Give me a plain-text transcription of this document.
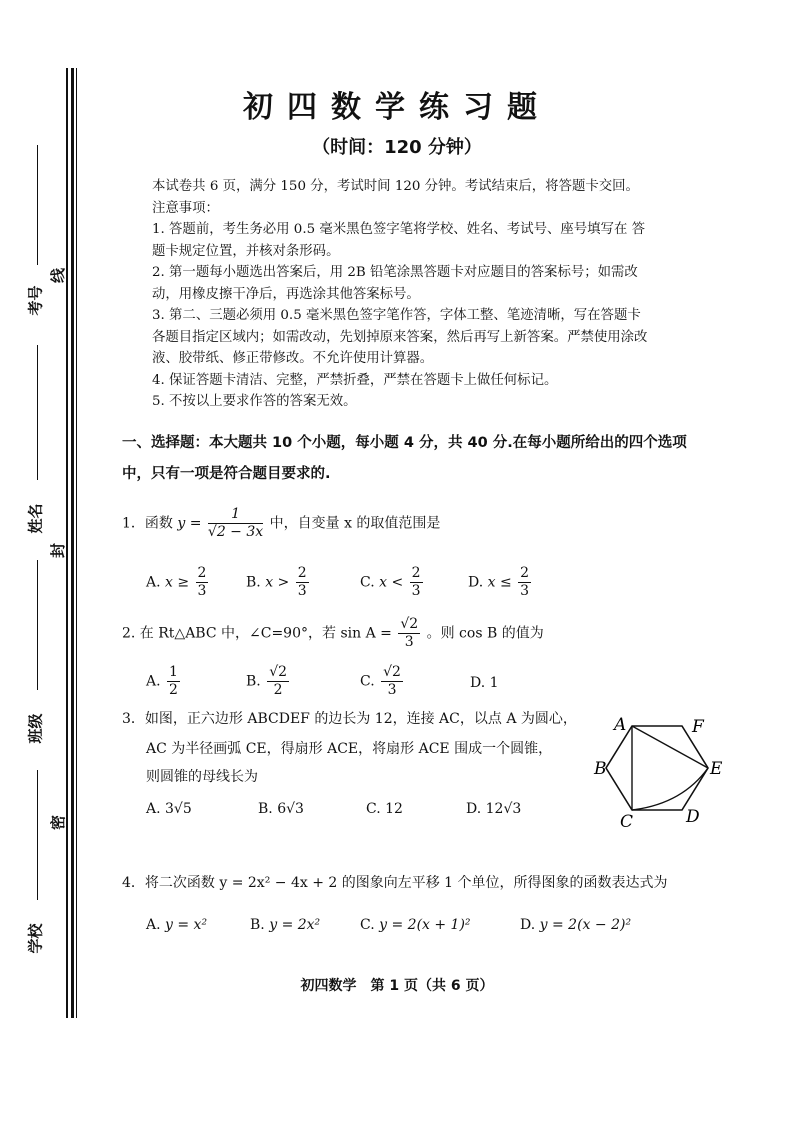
考号
线
姓名
封
班级
密
学校
初四数学练习题
（时间：120 分钟）
本试卷共 6 页，满分 150 分，考试时间 120 分钟。考试结束后，将答题卡交回。
注意事项：
1. 答题前，考生务必用 0.5 毫米黑色签字笔将学校、姓名、考试号、座号填写在 答
题卡规定位置，并核对条形码。
2. 第一题每小题选出答案后，用 2B 铅笔涂黑答题卡对应题目的答案标号；如需改
动，用橡皮擦干净后，再选涂其他答案标号。
3. 第二、三题必须用 0.5 毫米黑色签字笔作答，字体工整、笔迹清晰，写在答题卡
各题目指定区域内；如需改动，先划掉原来答案，然后再写上新答案。严禁使用涂改
液、胶带纸、修正带修改。不允许使用计算器。
4. 保证答题卡清洁、完整，严禁折叠，严禁在答题卡上做任何标记。
5. 不按以上要求作答的答案无效。
一、选择题：本大题共 10 个小题，每小题 4 分，共 40 分.在每小题所给出的四个选项
中，只有一项是符合题目要求的.
1．函数 $y = \frac{1}{√2 - 3x}$ 中，自变量 x 的取值范围是
A. $x \ge \frac{2}{3}$	B. $x > \frac{2}{3}$	C. $x < \frac{2}{3}$	D. $x \le \frac{2}{3}$
2. 在 Rt△ABC 中，∠C=90°，若 $\sin A = \frac{√2}{3}$ 。则 cos B 的值为
A. $\frac{1}{2}$	B. $\frac{√2}{2}$	C. $\frac{√2}{3}$	D. 1
3．如图，正六边形 ABCDEF 的边长为 12，连接 AC，以点 A 为圆心，
AC 为半径画弧 CE，得扇形 ACE，将扇形 ACE 围成一个圆锥，
则圆锥的母线长为
A. 3√5	B. 6√3	C. 12	D. 12√3
A	F
B	E
C	D
4．将二次函数 y = 2x² − 4x + 2 的图象向左平移 1 个单位，所得图象的函数表达式为
A. y = x²	B. y = 2x²	C. y = 2(x + 1)²	D. y = 2(x − 2)²
初四数学　第 1 页（共 6 页）
